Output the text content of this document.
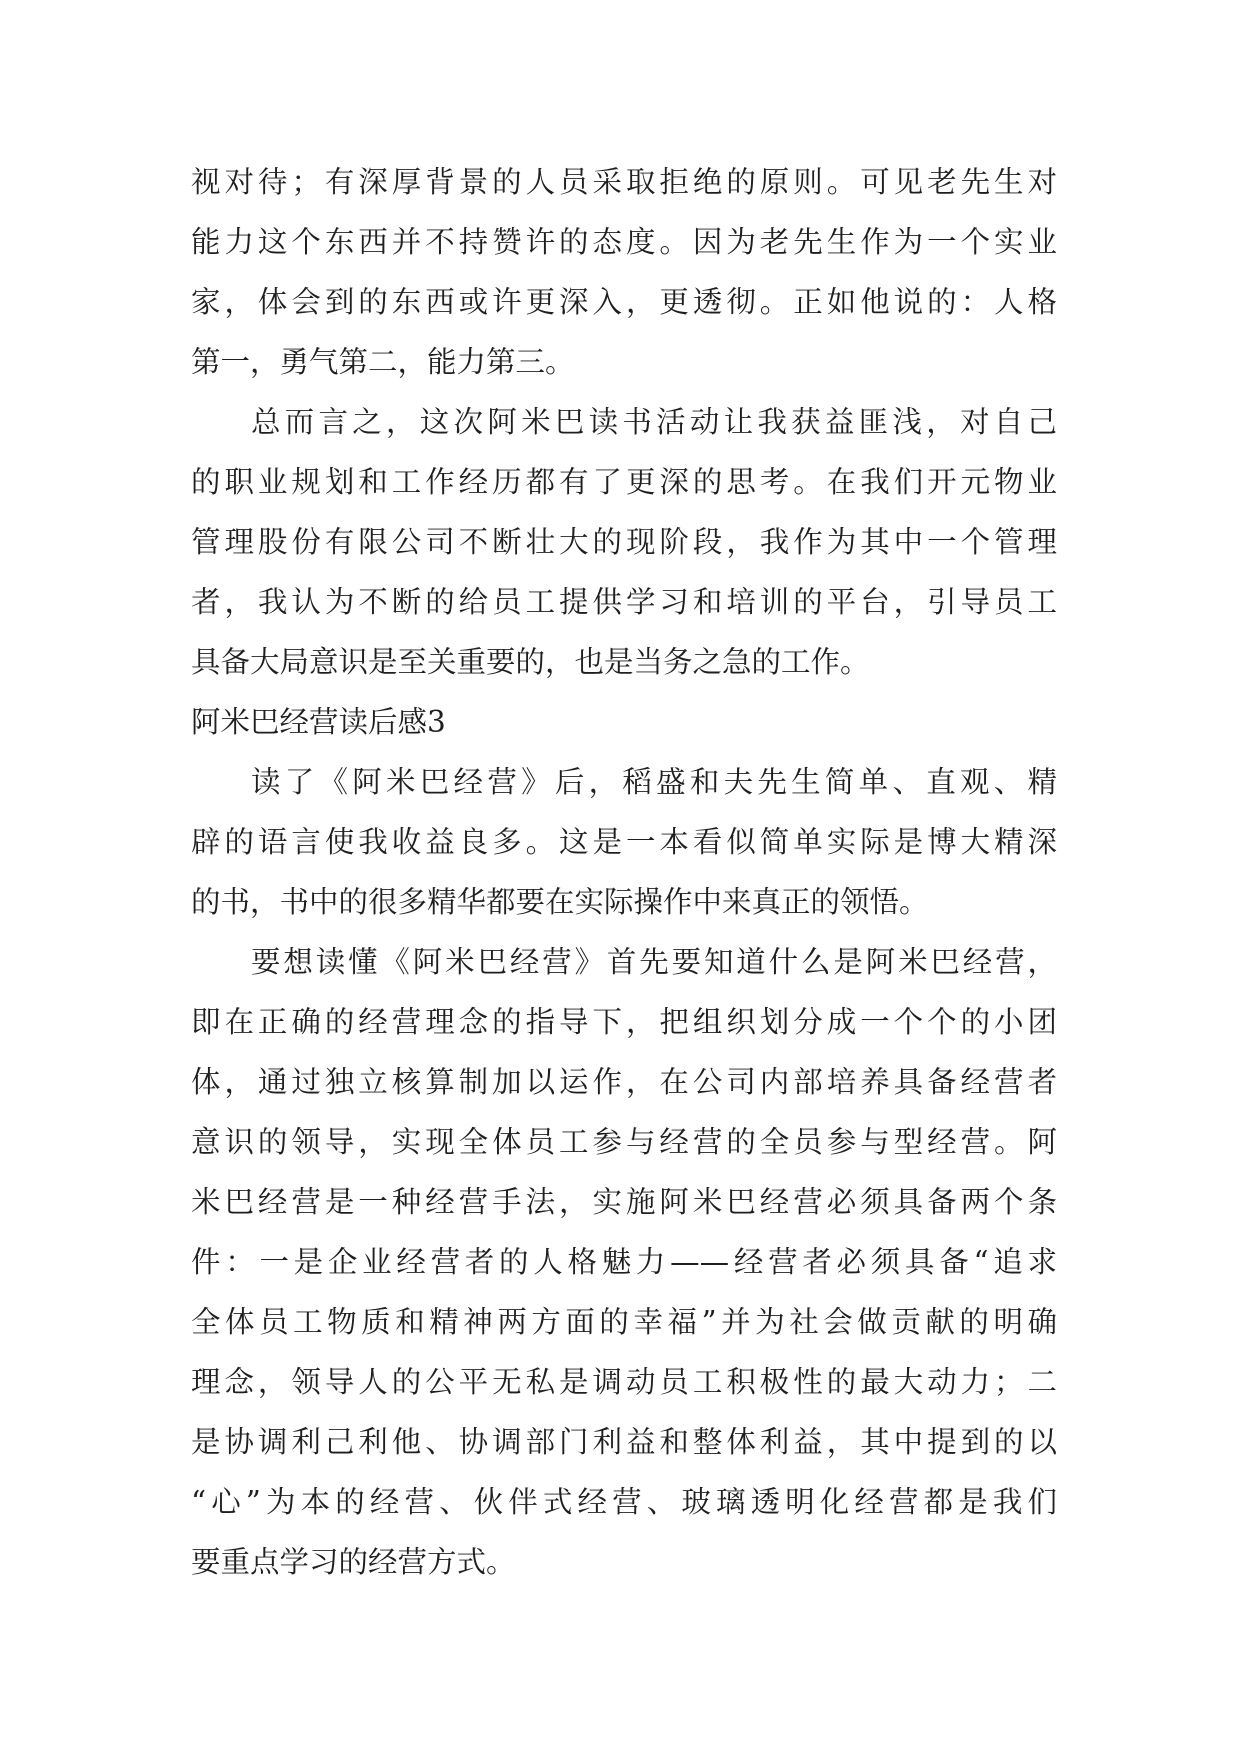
视对待；有深厚背景的人员采取拒绝的原则。可见老先生对
能力这个东西并不持赞许的态度。因为老先生作为一个实业
家，体会到的东西或许更深入，更透彻。正如他说的：人格
第一，勇气第二，能力第三。
总而言之，这次阿米巴读书活动让我获益匪浅，对自己
的职业规划和工作经历都有了更深的思考。在我们开元物业
管理股份有限公司不断壮大的现阶段，我作为其中一个管理
者，我认为不断的给员工提供学习和培训的平台，引导员工
具备大局意识是至关重要的，也是当务之急的工作。
阿米巴经营读后感3
读了《阿米巴经营》后，稻盛和夫先生简单、直观、精
辟的语言使我收益良多。这是一本看似简单实际是博大精深
的书，书中的很多精华都要在实际操作中来真正的领悟。
要想读懂《阿米巴经营》首先要知道什么是阿米巴经营，
即在正确的经营理念的指导下，把组织划分成一个个的小团
体，通过独立核算制加以运作，在公司内部培养具备经营者
意识的领导，实现全体员工参与经营的全员参与型经营。阿
米巴经营是一种经营手法，实施阿米巴经营必须具备两个条
件：一是企业经营者的人格魅力——经营者必须具备“追求
全体员工物质和精神两方面的幸福”并为社会做贡献的明确
理念，领导人的公平无私是调动员工积极性的最大动力；二
是协调利己利他、协调部门利益和整体利益，其中提到的以
“心”为本的经营、伙伴式经营、玻璃透明化经营都是我们
要重点学习的经营方式。
